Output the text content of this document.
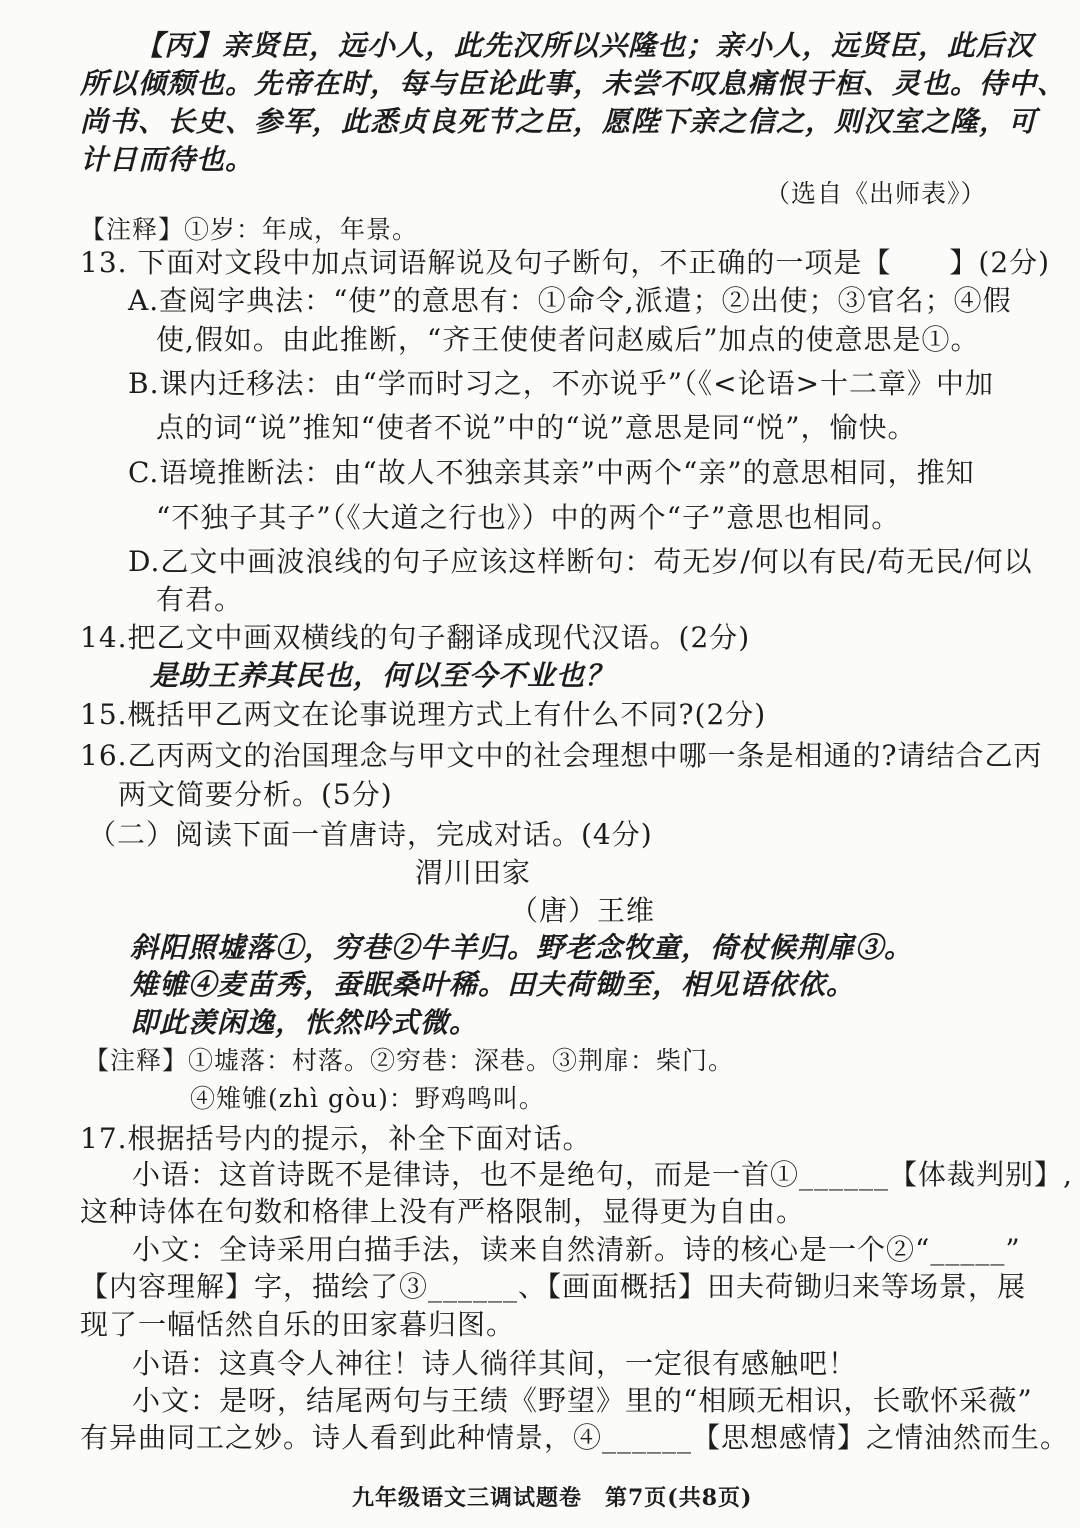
【丙】亲贤臣，远小人，此先汉所以兴隆也；亲小人，远贤臣，此后汉
所以倾颓也。先帝在时，每与臣论此事，未尝不叹息痛恨于桓、灵也。侍中、
尚书、长史、参军，此悉贞良死节之臣，愿陛下亲之信之，则汉室之隆，可
计日而待也。
（选自《出师表》）
【注释】①岁：年成，年景。
13. 下面对文段中加点词语解说及句子断句，不正确的一项是【　　】(2分)
A.查阅字典法：“使”的意思有：①命令,派遣；②出使；③官名；④假
使,假如。由此推断，“齐王使使者问赵威后”加点的使意思是①。
B.课内迁移法：由“学而时习之，不亦说乎”（《<论语>十二章》中加
点的词“说”推知“使者不说”中的“说”意思是同“悦”，愉快。
C.语境推断法：由“故人不独亲其亲”中两个“亲”的意思相同，推知
“不独子其子”（《大道之行也》）中的两个“子”意思也相同。
D.乙文中画波浪线的句子应该这样断句：苟无岁/何以有民/苟无民/何以
有君。
14.把乙文中画双横线的句子翻译成现代汉语。(2分)
是助王养其民也，何以至今不业也？
15.概括甲乙两文在论事说理方式上有什么不同?(2分)
16.乙丙两文的治国理念与甲文中的社会理想中哪一条是相通的?请结合乙丙
两文简要分析。(5分)
（二）阅读下面一首唐诗，完成对话。(4分)
渭川田家
（唐）王维
斜阳照墟落①，穷巷②牛羊归。野老念牧童，倚杖候荆扉③。
雉雊④麦苗秀，蚕眠桑叶稀。田夫荷锄至，相见语依依。
即此羡闲逸，怅然吟式微。
【注释】①墟落：村落。②穷巷：深巷。③荆扉：柴门。
④雉雊(zhì gòu)：野鸡鸣叫。
17.根据括号内的提示，补全下面对话。
小语：这首诗既不是律诗，也不是绝句，而是一首①______【体裁判别】,
这种诗体在句数和格律上没有严格限制，显得更为自由。
小文：全诗采用白描手法，读来自然清新。诗的核心是一个②“_____”
【内容理解】字，描绘了③______、【画面概括】田夫荷锄归来等场景，展
现了一幅恬然自乐的田家暮归图。
小语：这真令人神往！诗人徜徉其间，一定很有感触吧！
小文：是呀，结尾两句与王绩《野望》里的“相顾无相识，长歌怀采薇”
有异曲同工之妙。诗人看到此种情景，④______【思想感情】之情油然而生。
九年级语文三调试题卷　第7页(共8页)
